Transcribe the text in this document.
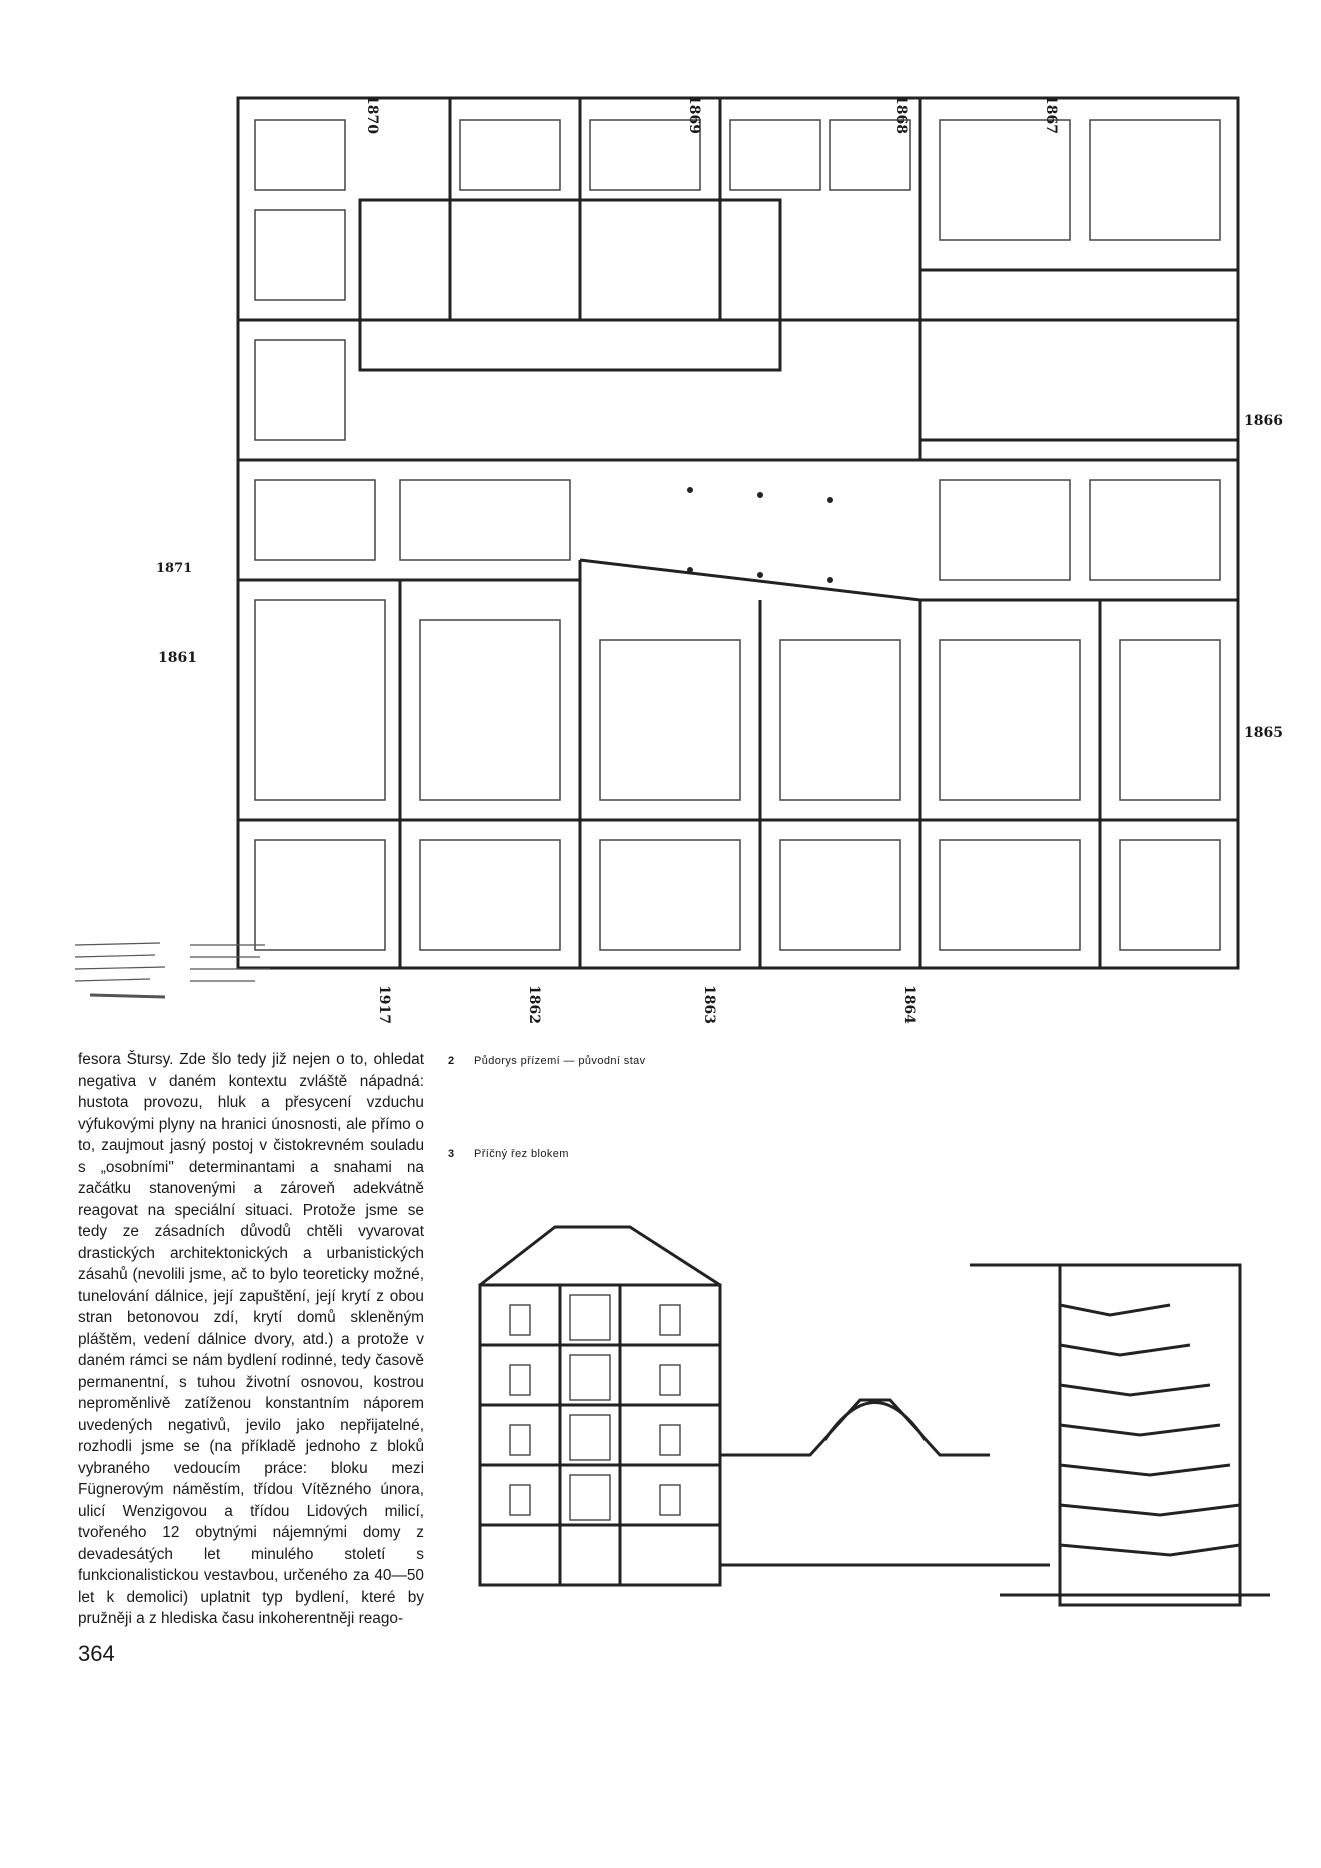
1870	1869	1868	1867
1866
1865
1871
1861
1917	1862	1863	1864

fesora Štursy. Zde šlo tedy již nejen o to, ohledat negativa v daném kontextu zvláště nápadná: hustota provozu, hluk a přesycení vzduchu výfukovými plyny na hranici únosnosti, ale přímo o to, zaujmout jasný postoj v čistokrevném souladu s „osobními" determinantami a snahami na začátku stanovenými a zároveň adekvátně reagovat na speciální situaci. Protože jsme se tedy ze zásadních důvodů chtěli vyvarovat drastických architektonických a urbanistických zásahů (nevolili jsme, ač to bylo teoreticky možné, tunelování dálnice, její zapuštění, její krytí z obou stran betonovou zdí, krytí domů skleněným pláštěm, vedení dálnice dvory, atd.) a protože v daném rámci se nám bydlení rodinné, tedy časově permanentní, s tuhou životní osnovou, kostrou neproměnlivě zatíženou konstantním náporem uvedených negativů, jevilo jako nepřijatelné, rozhodli jsme se (na příkladě jednoho z bloků vybraného vedoucím práce: bloku mezi Fügnerovým náměstím, třídou Vítězného února, ulicí Wenzigovou a třídou Lidových milicí, tvořeného 12 obytnými nájemnými domy z devadesátých let minulého století s funkcionalistickou vestavbou, určeného za 40—50 let k demolici) uplatnit typ bydlení, které by pružněji a z hlediska času inkoherentněji reago-

2 Půdorys přízemí — původní stav
3 Příčný řez blokem
364
